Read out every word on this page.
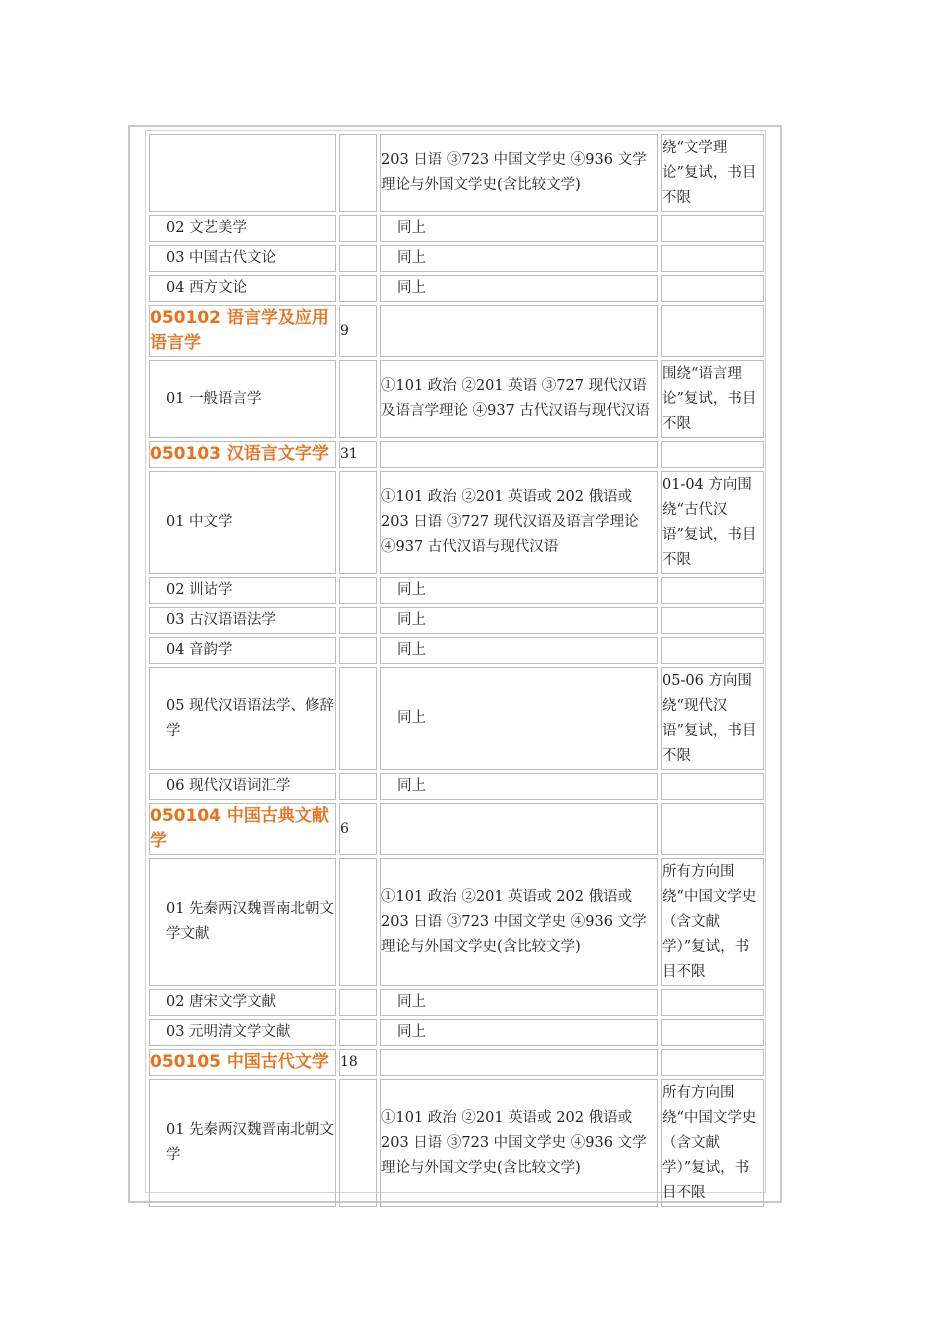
		203 日语 ③723 中国文学史 ④936 文学理论与外国文学史(含比较文学)	绕“文学理论”复试，书目不限
02 文艺美学		同上	
03 中国古代文论		同上	
04 西方文论		同上	
050102 语言学及应用语言学	9		
01 一般语言学		①101 政治 ②201 英语 ③727 现代汉语及语言学理论 ④937 古代汉语与现代汉语	围绕“语言理论”复试，书目不限
050103 汉语言文字学	31		
01 中文学		①101 政治 ②201 英语或 202 俄语或 203 日语 ③727 现代汉语及语言学理论 ④937 古代汉语与现代汉语	01-04 方向围绕“古代汉语”复试，书目不限
02 训诂学		同上	
03 古汉语语法学		同上	
04 音韵学		同上	
05 现代汉语语法学、修辞学		同上	05-06 方向围绕“现代汉语”复试，书目不限
06 现代汉语词汇学		同上	
050104 中国古典文献学	6		
01 先秦两汉魏晋南北朝文学文献		①101 政治 ②201 英语或 202 俄语或 203 日语 ③723 中国文学史 ④936 文学理论与外国文学史(含比较文学)	所有方向围绕“中国文学史（含文献学）”复试，书目不限
02 唐宋文学文献		同上	
03 元明清文学文献		同上	
050105 中国古代文学	18		
01 先秦两汉魏晋南北朝文学		①101 政治 ②201 英语或 202 俄语或 203 日语 ③723 中国文学史 ④936 文学理论与外国文学史(含比较文学)	所有方向围绕“中国文学史（含文献学）”复试，书目不限
